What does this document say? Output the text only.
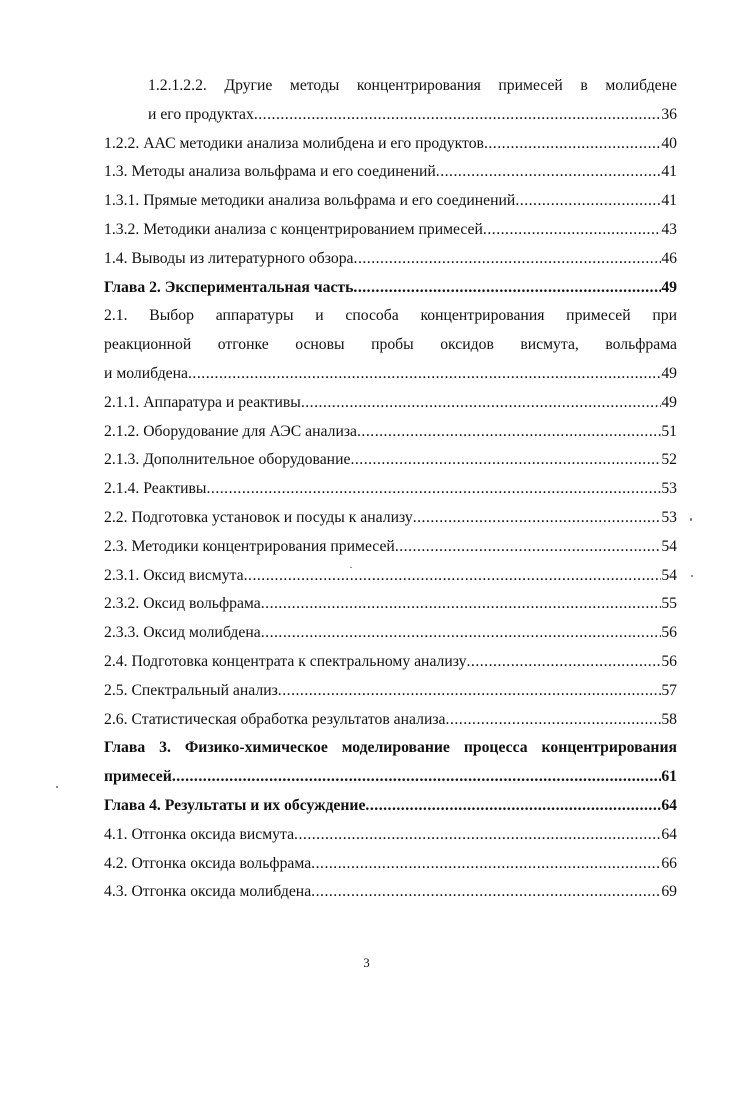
1.2.1.2.2. Другие методы концентрирования примесей в молибдене
и его продуктах .....	36
1.2.2. ААС методики анализа молибдена и его продуктов .....	40
1.3. Методы анализа вольфрама и его соединений .....	41
1.3.1. Прямые методики анализа вольфрама и его соединений .....	41
1.3.2. Методики анализа с концентрированием примесей .....	43
1.4. Выводы из литературного обзора .....	46
Глава 2. Экспериментальная часть .....	49
2.1. Выбор аппаратуры и способа концентрирования примесей при
реакционной отгонке основы пробы оксидов висмута, вольфрама
и молибдена .....	49
2.1.1. Аппаратура и реактивы .....	49
2.1.2. Оборудование для АЭС анализа .....	51
2.1.3. Дополнительное оборудование .....	52
2.1.4. Реактивы .....	53
2.2. Подготовка установок и посуды к анализу .....	53
2.3. Методики концентрирования примесей .....	54
2.3.1. Оксид висмута .....	54
2.3.2. Оксид вольфрама .....	55
2.3.3. Оксид молибдена .....	56
2.4. Подготовка концентрата к спектральному анализу .....	56
2.5. Спектральный анализ .....	57
2.6. Статистическая обработка результатов анализа .....	58
Глава 3. Физико-химическое моделирование процесса концентрирования
примесей .....	61
Глава 4. Результаты и их обсуждение .....	64
4.1. Отгонка оксида висмута .....	64
4.2. Отгонка оксида вольфрама .....	66
4.3. Отгонка оксида молибдена .....	69
3
